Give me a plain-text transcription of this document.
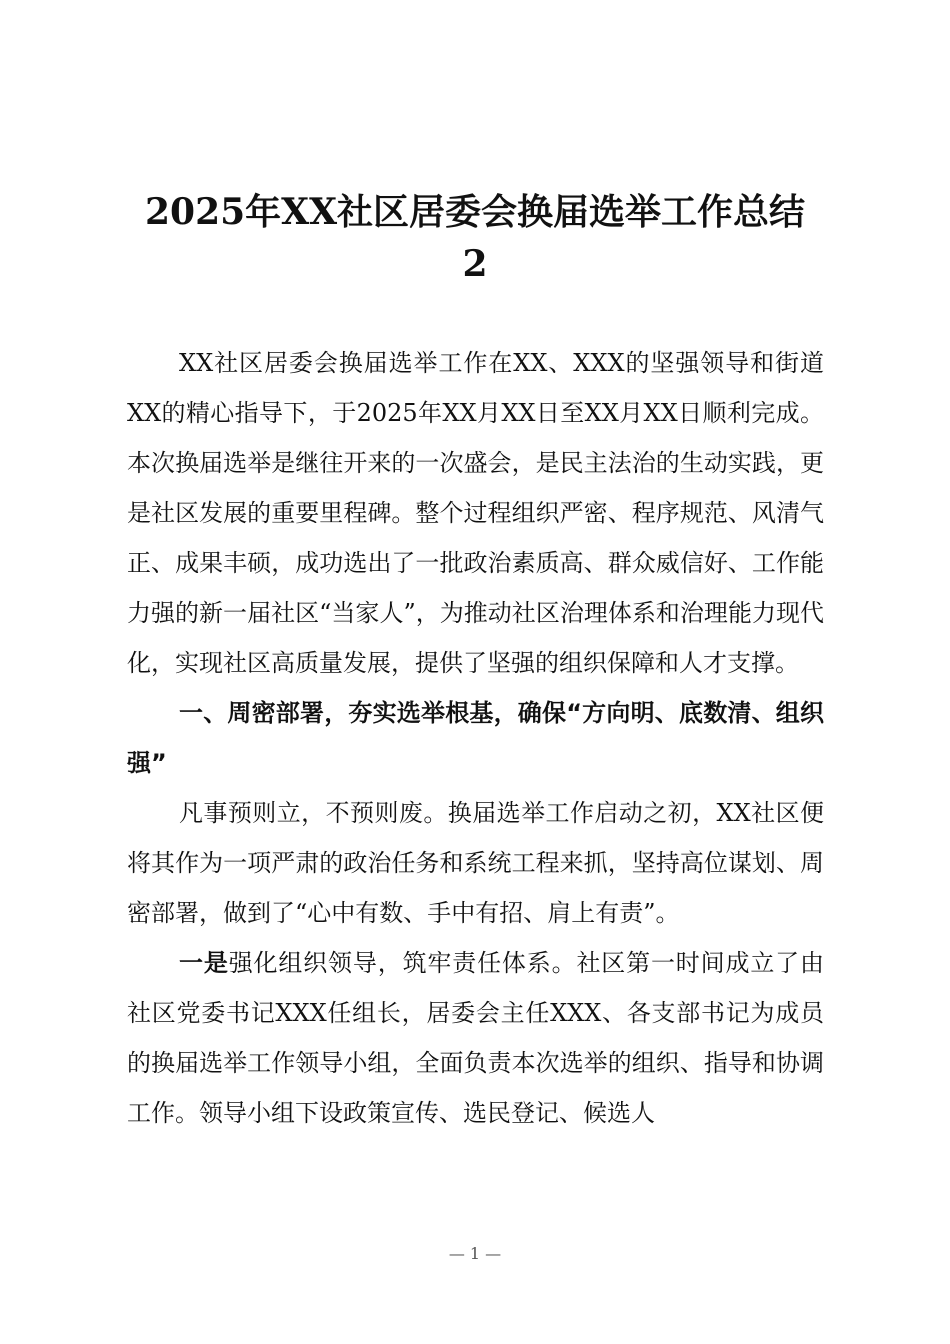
2025年XX社区居委会换届选举工作总结
2

XX社区居委会换届选举工作在XX、XXX的坚强领导和街道XX的精心指导下，于2025年XX月XX日至XX月XX日顺利完成。本次换届选举是继往开来的一次盛会，是民主法治的生动实践，更是社区发展的重要里程碑。整个过程组织严密、程序规范、风清气正、成果丰硕，成功选出了一批政治素质高、群众威信好、工作能力强的新一届社区“当家人”，为推动社区治理体系和治理能力现代化，实现社区高质量发展，提供了坚强的组织保障和人才支撑。

一、周密部署，夯实选举根基，确保“方向明、底数清、组织强”

凡事预则立，不预则废。换届选举工作启动之初，XX社区便将其作为一项严肃的政治任务和系统工程来抓，坚持高位谋划、周密部署，做到了“心中有数、手中有招、肩上有责”。

一是强化组织领导，筑牢责任体系。社区第一时间成立了由社区党委书记XXX任组长，居委会主任XXX、各支部书记为成员的换届选举工作领导小组，全面负责本次选举的组织、指导和协调工作。领导小组下设政策宣传、选民登记、候选人

— 1 —
